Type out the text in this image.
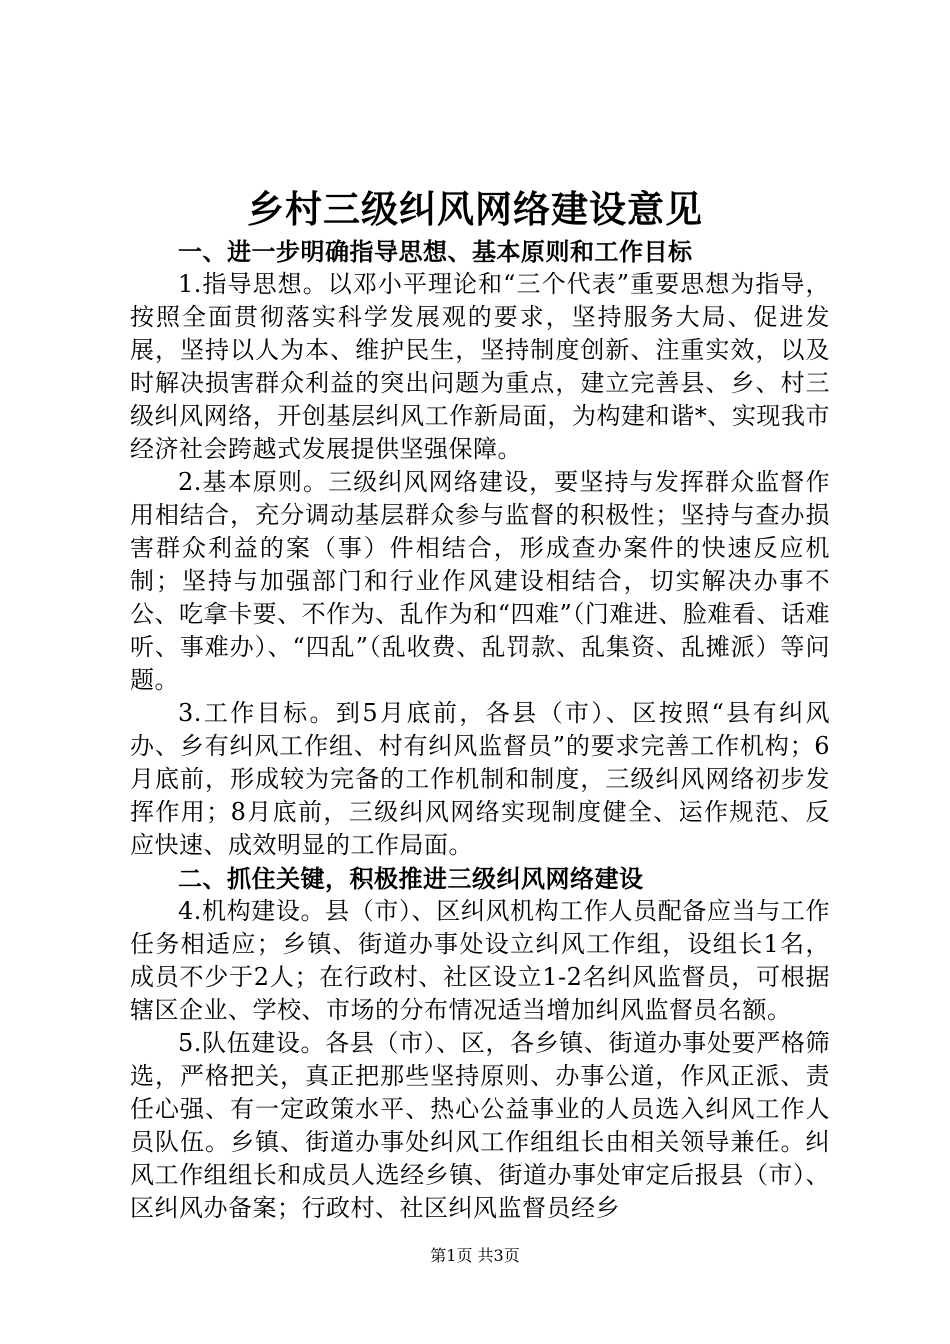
乡村三级纠风网络建设意见
一、进一步明确指导思想、基本原则和工作目标

1.指导思想。以邓小平理论和“三个代表”重要思想为指导，按照全面贯彻落实科学发展观的要求，坚持服务大局、促进发展，坚持以人为本、维护民生，坚持制度创新、注重实效，以及时解决损害群众利益的突出问题为重点，建立完善县、乡、村三级纠风网络，开创基层纠风工作新局面，为构建和谐*、实现我市经济社会跨越式发展提供坚强保障。

2.基本原则。三级纠风网络建设，要坚持与发挥群众监督作用相结合，充分调动基层群众参与监督的积极性；坚持与查办损害群众利益的案（事）件相结合，形成查办案件的快速反应机制；坚持与加强部门和行业作风建设相结合，切实解决办事不公、吃拿卡要、不作为、乱作为和“四难”（门难进、脸难看、话难听、事难办）、“四乱”（乱收费、乱罚款、乱集资、乱摊派）等问题。

3.工作目标。到5月底前，各县（市）、区按照“县有纠风办、乡有纠风工作组、村有纠风监督员”的要求完善工作机构；6月底前，形成较为完备的工作机制和制度，三级纠风网络初步发挥作用；8月底前，三级纠风网络实现制度健全、运作规范、反应快速、成效明显的工作局面。

二、抓住关键，积极推进三级纠风网络建设

4.机构建设。县（市）、区纠风机构工作人员配备应当与工作任务相适应；乡镇、街道办事处设立纠风工作组，设组长1名，成员不少于2人；在行政村、社区设立1-2名纠风监督员，可根据辖区企业、学校、市场的分布情况适当增加纠风监督员名额。

5.队伍建设。各县（市）、区，各乡镇、街道办事处要严格筛选，严格把关，真正把那些坚持原则、办事公道，作风正派、责任心强、有一定政策水平、热心公益事业的人员选入纠风工作人员队伍。乡镇、街道办事处纠风工作组组长由相关领导兼任。纠风工作组组长和成员人选经乡镇、街道办事处审定后报县（市）、区纠风办备案；行政村、社区纠风监督员经乡

第1页 共3页
